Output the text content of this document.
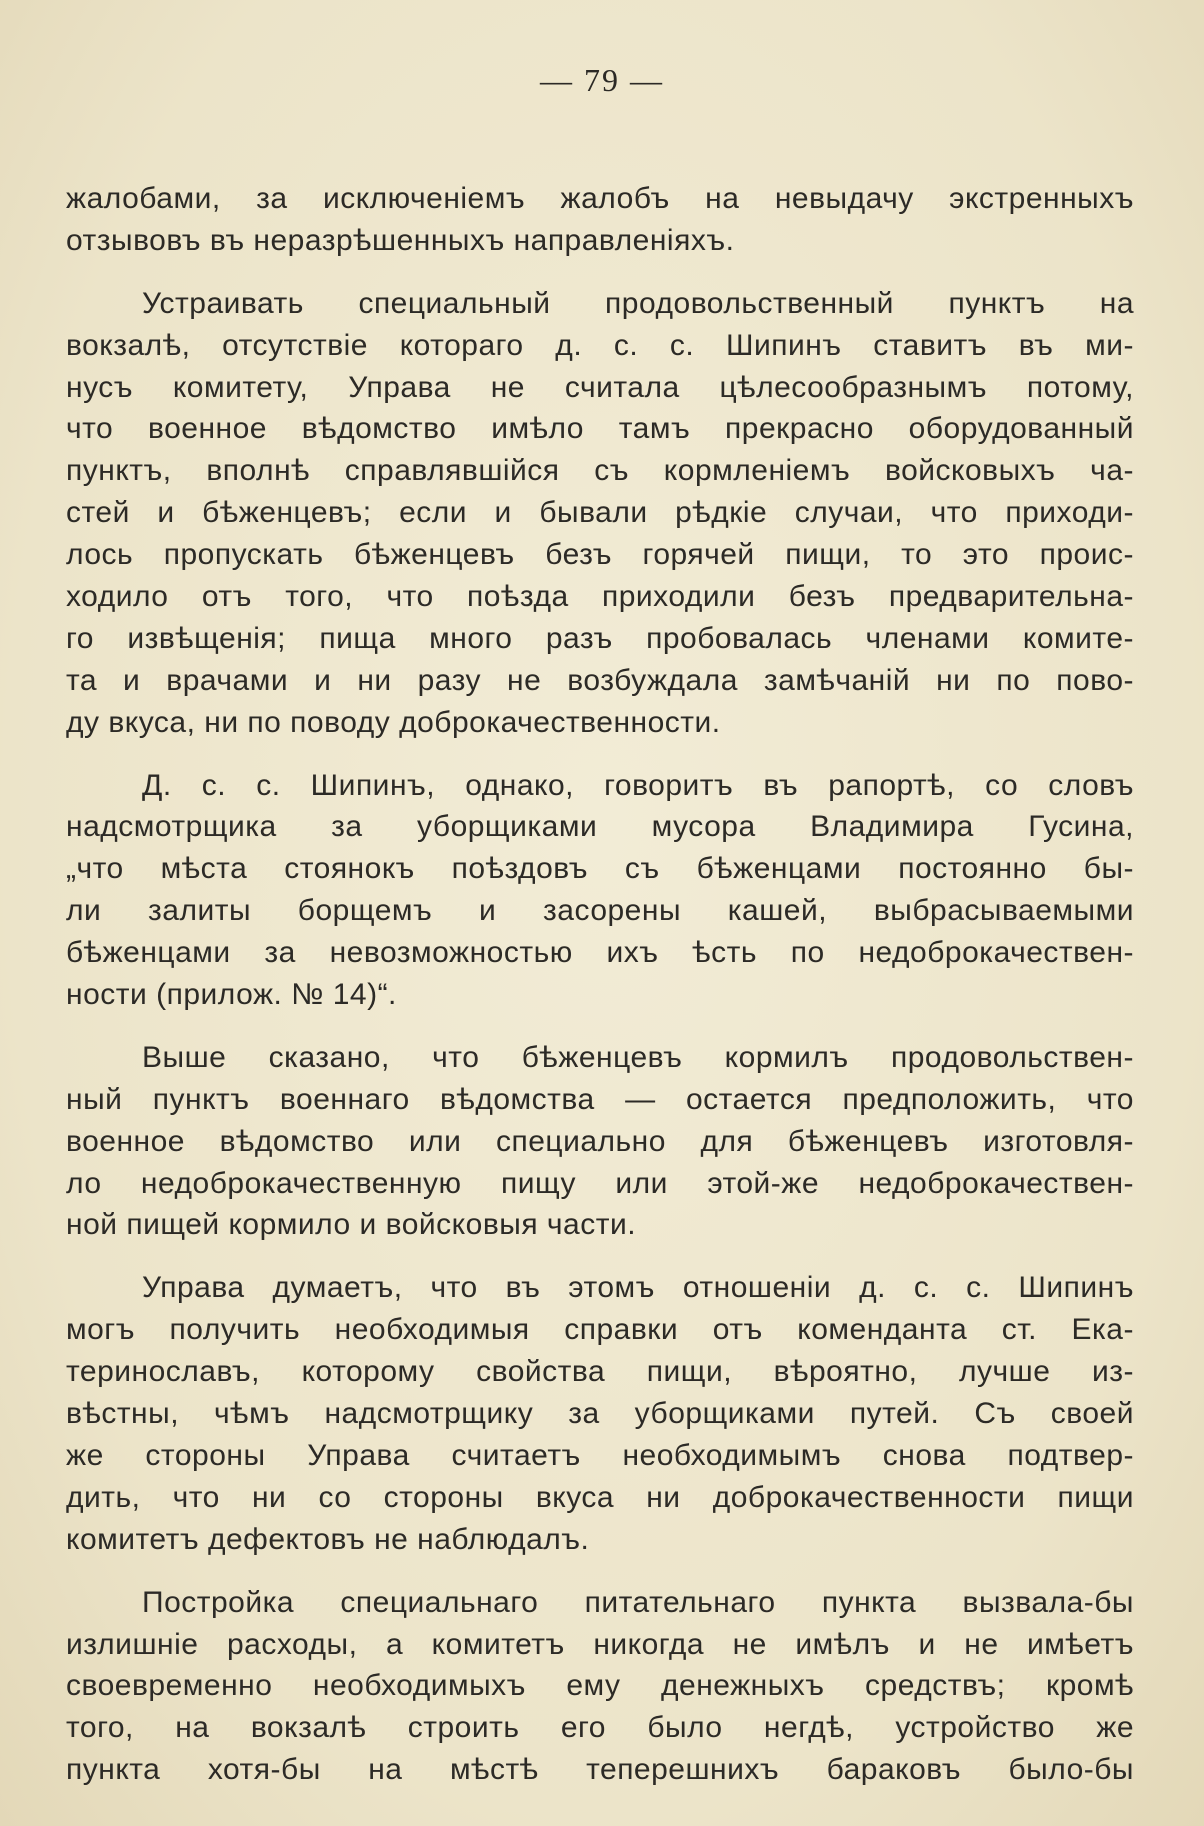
— 79 —

жалобами, за исключеніемъ жалобъ на невыдачу экстренныхъ
отзывовъ въ неразрѣшенныхъ направленіяхъ.

Устраивать специальный продовольственный пунктъ на
вокзалѣ, отсутствіе котораго д. с. с. Шипинъ ставитъ въ ми-
нусъ комитету, Управа не считала цѣлесообразнымъ потому,
что военное вѣдомство имѣло тамъ прекрасно оборудованный
пунктъ, вполнѣ справлявшійся съ кормленіемъ войсковыхъ ча-
стей и бѣженцевъ; если и бывали рѣдкіе случаи, что приходи-
лось пропускать бѣженцевъ безъ горячей пищи, то это проис-
ходило отъ того, что поѣзда приходили безъ предварительна-
го извѣщенія; пища много разъ пробовалась членами комите-
та и врачами и ни разу не возбуждала замѣчаній ни по пово-
ду вкуса, ни по поводу доброкачественности.

Д. с. с. Шипинъ, однако, говоритъ въ рапортѣ, со словъ
надсмотрщика за уборщиками мусора Владимира Гусина,
„что мѣста стоянокъ поѣздовъ съ бѣженцами постоянно бы-
ли залиты борщемъ и засорены кашей, выбрасываемыми
бѣженцами за невозможностью ихъ ѣсть по недоброкачествен-
ности (прилож. № 14)“.

Выше сказано, что бѣженцевъ кормилъ продовольствен-
ный пунктъ военнаго вѣдомства — остается предположить, что
военное вѣдомство или специально для бѣженцевъ изготовля-
ло недоброкачественную пищу или этой-же недоброкачествен-
ной пищей кормило и войсковыя части.

Управа думаетъ, что въ этомъ отношеніи д. с. с. Шипинъ
могъ получить необходимыя справки отъ коменданта ст. Ека-
теринославъ, которому свойства пищи, вѣроятно, лучше из-
вѣстны, чѣмъ надсмотрщику за уборщиками путей. Съ своей
же стороны Управа считаетъ необходимымъ снова подтвер-
дить, что ни со стороны вкуса ни доброкачественности пищи
комитетъ дефектовъ не наблюдалъ.

Постройка специальнаго питательнаго пункта вызвала-бы
излишніе расходы, а комитетъ никогда не имѣлъ и не имѣетъ
своевременно необходимыхъ ему денежныхъ средствъ; кромѣ
того, на вокзалѣ строить его было негдѣ, устройство же
пункта хотя-бы на мѣстѣ теперешнихъ бараковъ было-бы
